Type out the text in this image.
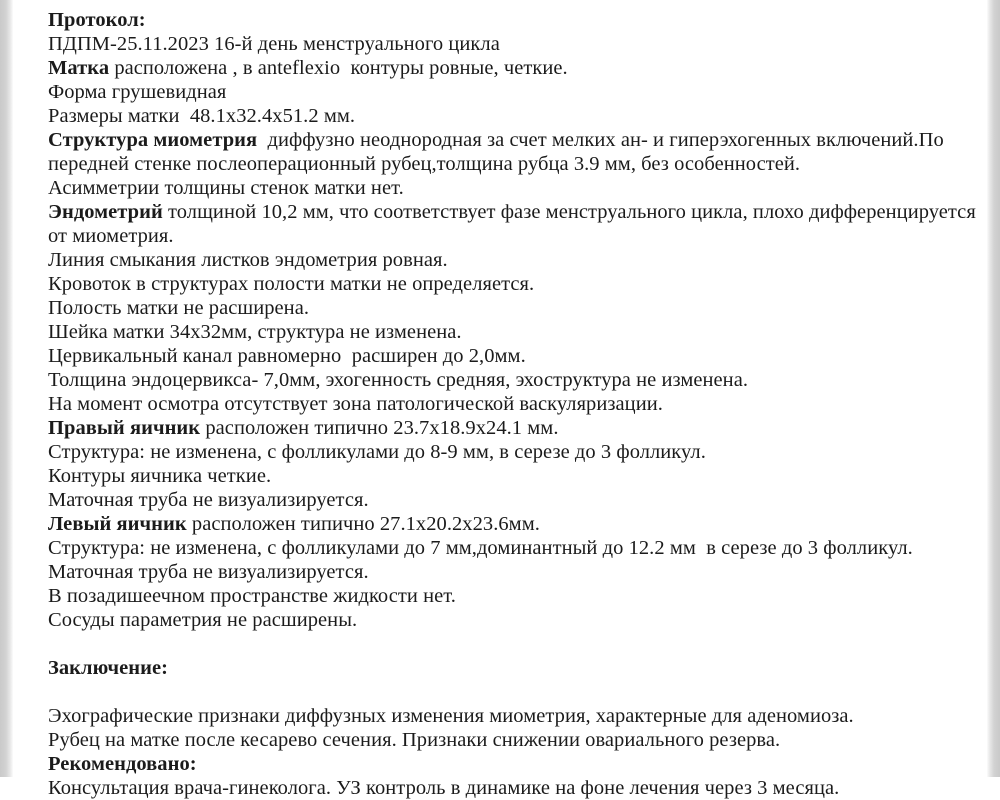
Протокол:
ПДПМ-25.11.2023 16-й день менструального цикла
Матка расположена , в anteflexio  контуры ровные, четкие.
Форма грушевидная
Размеры матки  48.1х32.4х51.2 мм.
Структура миометрия  диффузно неоднородная за счет мелких ан- и гиперэхогенных включений.По
передней стенке послеоперационный рубец,толщина рубца 3.9 мм, без особенностей.
Асимметрии толщины стенок матки нет.
Эндометрий толщиной 10,2 мм, что соответствует фазе менструального цикла, плохо дифференцируется
от миометрия.
Линия смыкания листков эндометрия ровная.
Кровоток в структурах полости матки не определяется.
Полость матки не расширена.
Шейка матки 34х32мм, структура не изменена.
Цервикальный канал равномерно  расширен до 2,0мм.
Толщина эндоцервикса- 7,0мм, эхогенность средняя, эхоструктура не изменена.
На момент осмотра отсутствует зона патологической васкуляризации.
Правый яичник расположен типично 23.7х18.9х24.1 мм.
Структура: не изменена, с фолликулами до 8-9 мм, в серезе до 3 фолликул.
Контуры яичника четкие.
Маточная труба не визуализируется.
Левый яичник расположен типично 27.1х20.2х23.6мм.
Структура: не изменена, с фолликулами до 7 мм,доминантный до 12.2 мм  в серезе до 3 фолликул.
Маточная труба не визуализируется.
В позадишеечном пространстве жидкости нет.
Сосуды параметрия не расширены.
Заключение:
Эхографические признаки диффузных изменения миометрия, характерные для аденомиоза.
Рубец на матке после кесарево сечения. Признаки снижении овариального резерва.
Рекомендовано:
Консультация врача-гинеколога. УЗ контроль в динамике на фоне лечения через 3 месяца.
